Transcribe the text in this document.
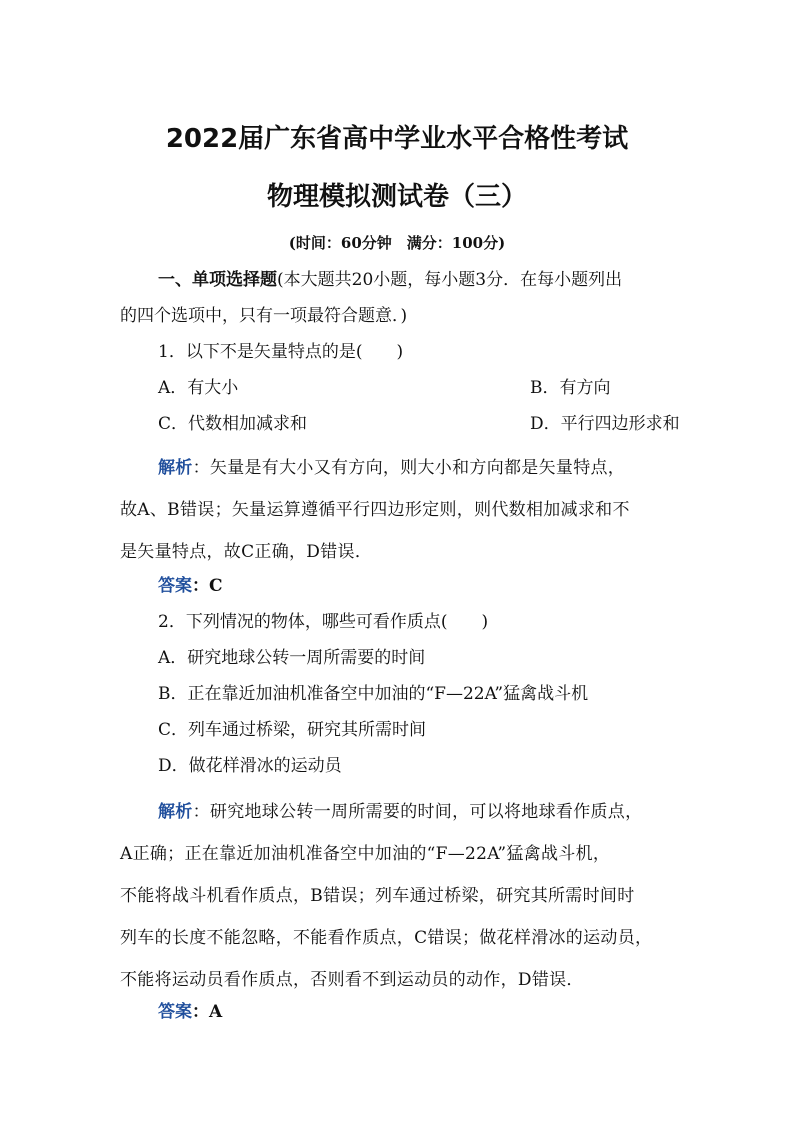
2022届广东省高中学业水平合格性考试
物理模拟测试卷（三）
(时间：60分钟　满分：100分)
一、单项选择题(本大题共20小题，每小题3分．在每小题列出
的四个选项中，只有一项最符合题意．)
1．以下不是矢量特点的是(　　)
A．有大小	B．有方向
C．代数相加减求和	D．平行四边形求和
解析：矢量是有大小又有方向，则大小和方向都是矢量特点，
故A、B错误；矢量运算遵循平行四边形定则，则代数相加减求和不
是矢量特点，故C正确，D错误．
答案：C
2．下列情况的物体，哪些可看作质点(　　)
A．研究地球公转一周所需要的时间
B．正在靠近加油机准备空中加油的“F—22A”猛禽战斗机
C．列车通过桥梁，研究其所需时间
D．做花样滑冰的运动员
解析：研究地球公转一周所需要的时间，可以将地球看作质点，
A正确；正在靠近加油机准备空中加油的“F—22A”猛禽战斗机，
不能将战斗机看作质点，B错误；列车通过桥梁，研究其所需时间时
列车的长度不能忽略，不能看作质点，C错误；做花样滑冰的运动员，
不能将运动员看作质点，否则看不到运动员的动作，D错误．
答案：A
